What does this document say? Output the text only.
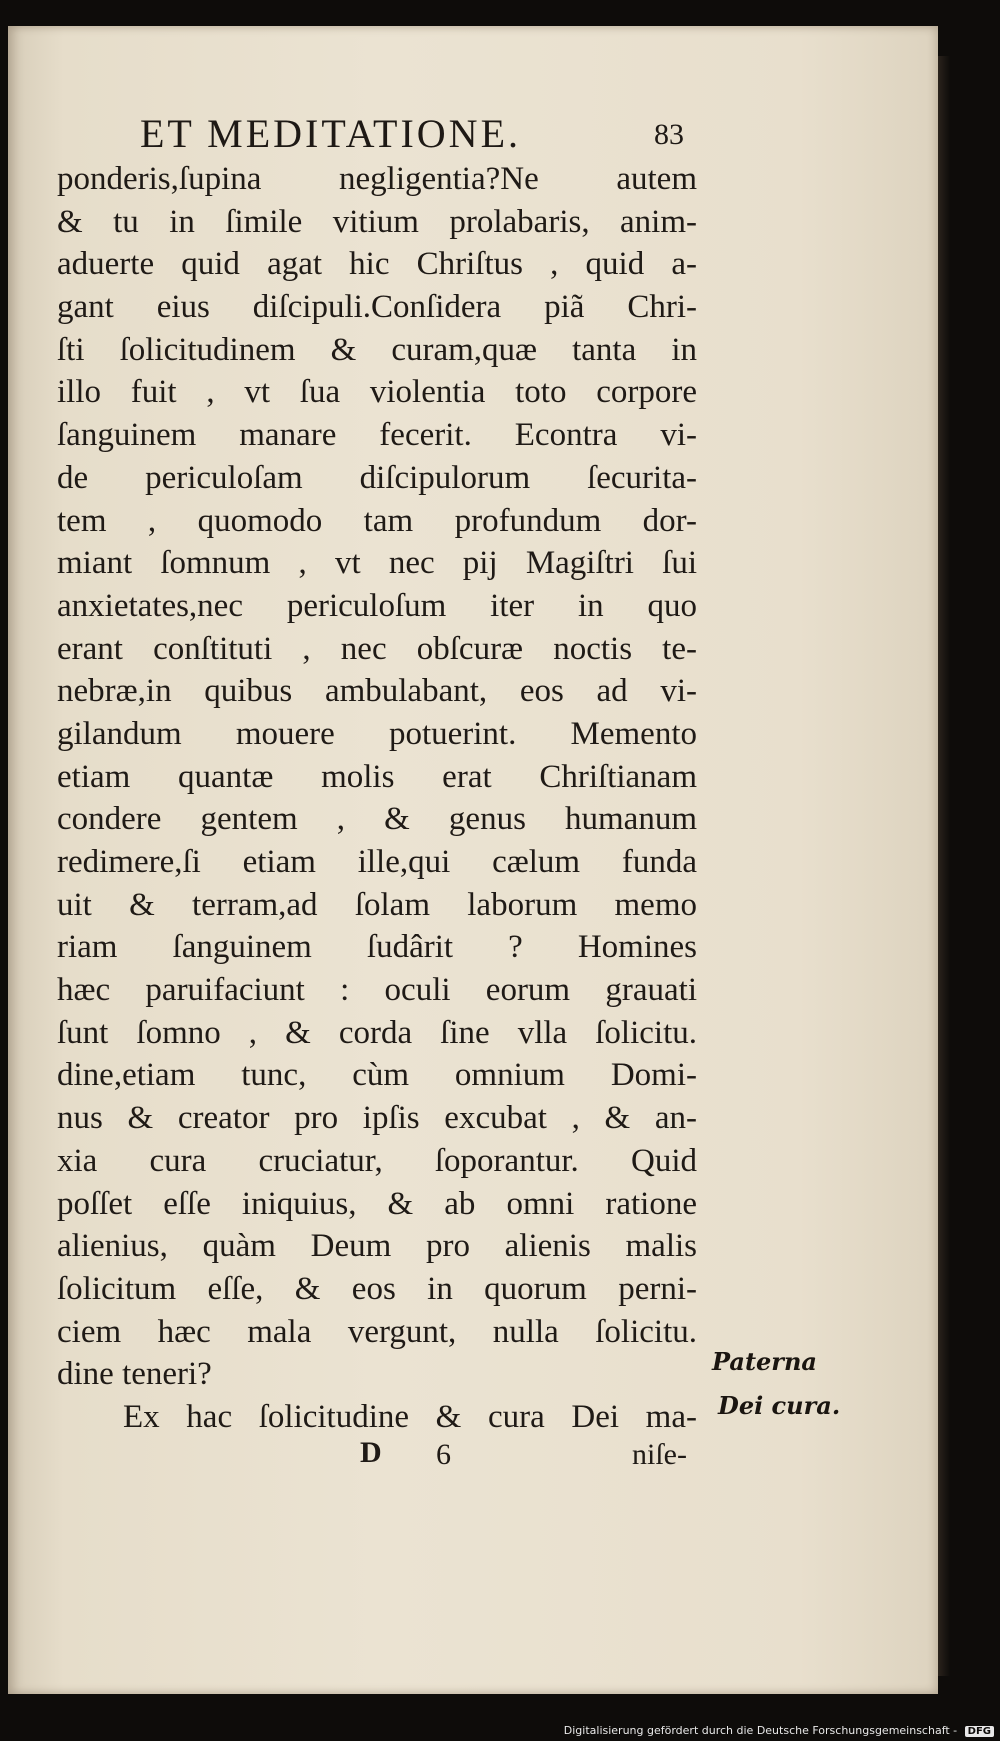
ET MEDITATIONE.	83
ponderis,ſupina negligentia?Ne autem
& tu in ſimile vitium prolabaris, anim-
aduerte quid agat hic Chriſtus , quid a-
gant eius diſcipuli.Conſidera piã Chri-
ſti ſolicitudinem & curam,quæ tanta in
illo fuit , vt ſua violentia toto corpore
ſanguinem manare fecerit. Econtra vi-
de periculoſam diſcipulorum ſecurita-
tem , quomodo tam profundum dor-
miant ſomnum , vt nec pij Magiſtri ſui
anxietates,nec periculoſum iter in quo
erant conſtituti , nec obſcuræ noctis te-
nebræ,in quibus ambulabant, eos ad vi-
gilandum mouere potuerint. Memento
etiam quantæ molis erat Chriſtianam
condere gentem , & genus humanum
redimere,ſi etiam ille,qui cælum funda
uit & terram,ad ſolam laborum memo
riam ſanguinem ſudârit ? Homines
hæc paruifaciunt : oculi eorum grauati
ſunt ſomno , & corda ſine vlla ſolicitu.
dine,etiam tunc, cùm omnium Domi-
nus & creator pro ipſis excubat , & an-
xia cura cruciatur, ſoporantur. Quid
poſſet eſſe iniquius, & ab omni ratione
alienius, quàm Deum pro alienis malis
ſolicitum eſſe, & eos in quorum perni-
ciem hæc mala vergunt, nulla ſolicitu.
dine teneri?
Ex hac ſolicitudine & cura Dei ma-
D 6	niſe-
Paterna
Dei cura.
Digitalisierung gefördert durch die Deutsche Forschungsgemeinschaft - DFG
